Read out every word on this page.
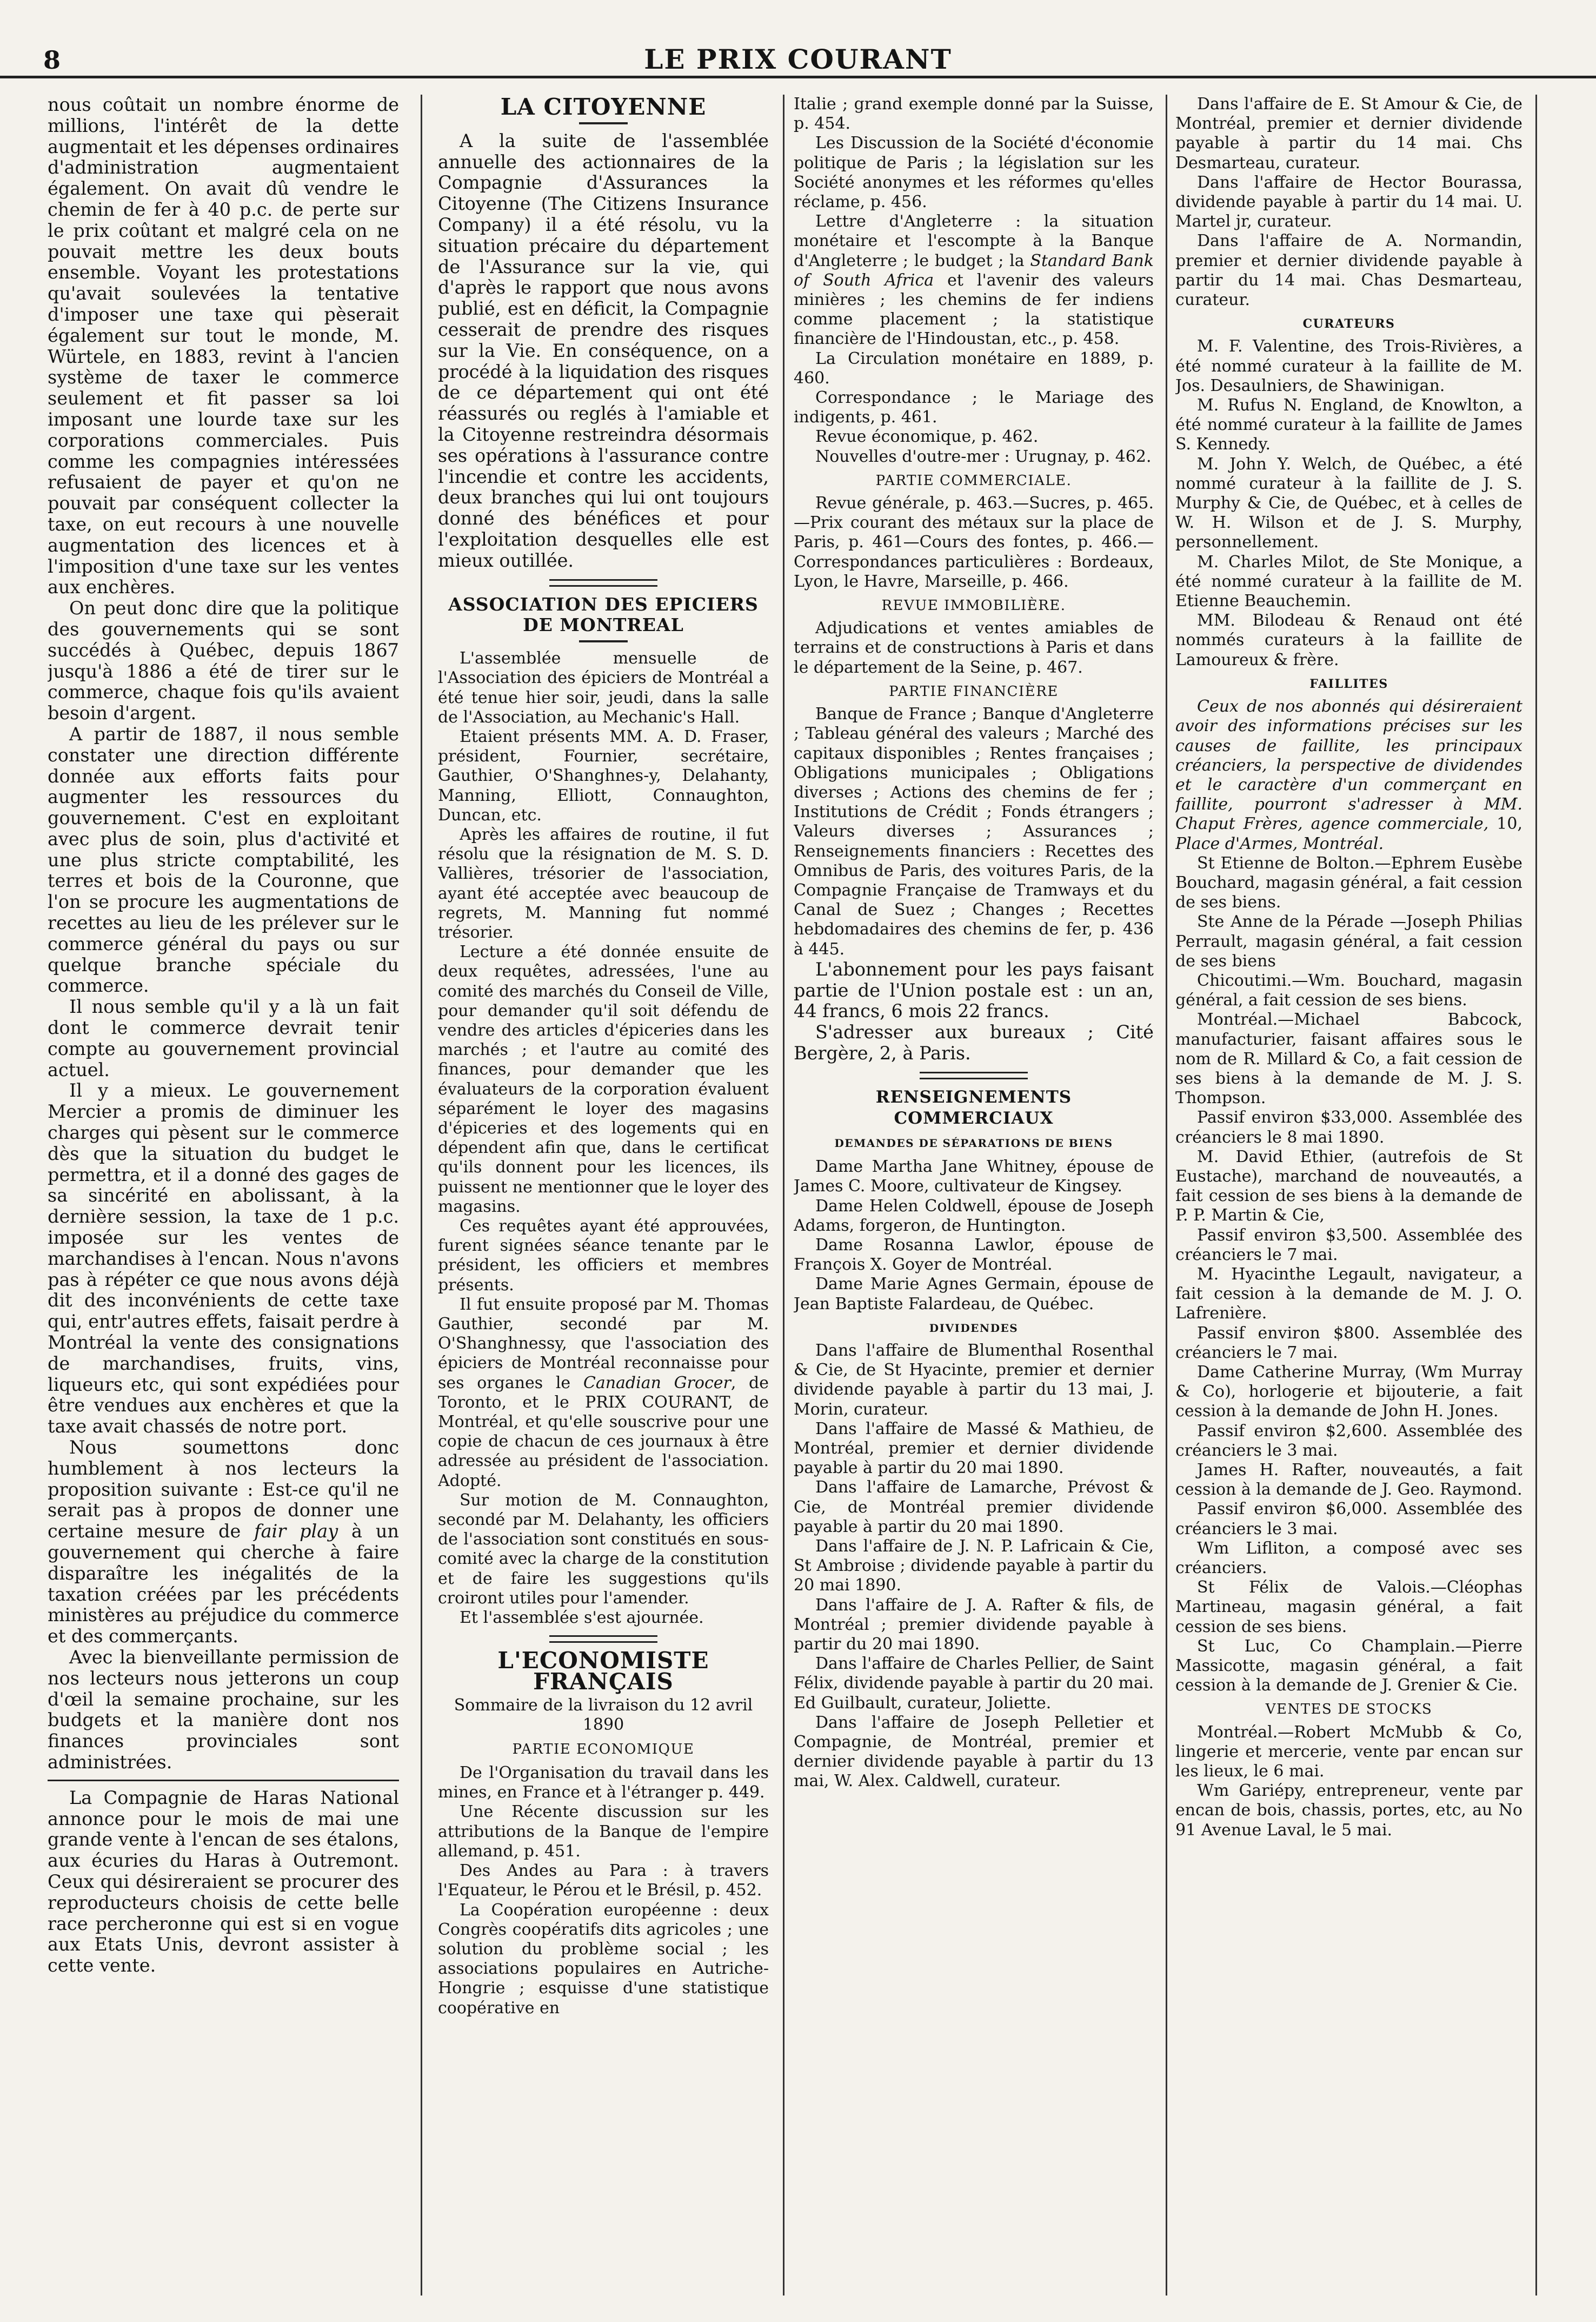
8	LE PRIX COURANT

nous coûtait un nombre énorme de millions, l'intérêt de la dette augmentait et les dépenses ordinaires d'administration augmentaient également. On avait dû vendre le chemin de fer à 40 p.c. de perte sur le prix coûtant et malgré cela on ne pouvait mettre les deux bouts ensemble. Voyant les protestations qu'avait soulevées la tentative d'imposer une taxe qui pèserait également sur tout le monde, M. Würtele, en 1883, revint à l'ancien système de taxer le commerce seulement et fit passer sa loi imposant une lourde taxe sur les corporations commerciales. Puis comme les compagnies intéressées refusaient de payer et qu'on ne pouvait par conséquent collecter la taxe, on eut recours à une nouvelle augmentation des licences et à l'imposition d'une taxe sur les ventes aux enchères.

On peut donc dire que la politique des gouvernements qui se sont succédés à Québec, depuis 1867 jusqu'à 1886 a été de tirer sur le commerce, chaque fois qu'ils avaient besoin d'argent.

A partir de 1887, il nous semble constater une direction différente donnée aux efforts faits pour augmenter les ressources du gouvernement. C'est en exploitant avec plus de soin, plus d'activité et une plus stricte comptabilité, les terres et bois de la Couronne, que l'on se procure les augmentations de recettes au lieu de les prélever sur le commerce général du pays ou sur quelque branche spéciale du commerce.

Il nous semble qu'il y a là un fait dont le commerce devrait tenir compte au gouvernement provincial actuel.

Il y a mieux. Le gouvernement Mercier a promis de diminuer les charges qui pèsent sur le commerce dès que la situation du budget le permettra, et il a donné des gages de sa sincérité en abolissant, à la dernière session, la taxe de 1 p.c. imposée sur les ventes de marchandises à l'encan. Nous n'avons pas à répéter ce que nous avons déjà dit des inconvénients de cette taxe qui, entr'autres effets, faisait perdre à Montréal la vente des consignations de marchandises, fruits, vins, liqueurs etc, qui sont expédiées pour être vendues aux enchères et que la taxe avait chassés de notre port.

Nous soumettons donc humblement à nos lecteurs la proposition suivante : Est-ce qu'il ne serait pas à propos de donner une certaine mesure de fair play à un gouvernement qui cherche à faire disparaître les inégalités de la taxation créées par les précédents ministères au préjudice du commerce et des commerçants.

Avec la bienveillante permission de nos lecteurs nous jetterons un coup d'œil la semaine prochaine, sur les budgets et la manière dont nos finances provinciales sont administrées.

La Compagnie de Haras National annonce pour le mois de mai une grande vente à l'encan de ses étalons, aux écuries du Haras à Outremont. Ceux qui désireraient se procurer des reproducteurs choisis de cette belle race percheronne qui est si en vogue aux Etats Unis, devront assister à cette vente.

LA CITOYENNE

A la suite de l'assemblée annuelle des actionnaires de la Compagnie d'Assurances la Citoyenne (The Citizens Insurance Company) il a été résolu, vu la situation précaire du département de l'Assurance sur la vie, qui d'après le rapport que nous avons publié, est en déficit, la Compagnie cesserait de prendre des risques sur la Vie. En conséquence, on a procédé à la liquidation des risques de ce département qui ont été réassurés ou reglés à l'amiable et la Citoyenne restreindra désormais ses opérations à l'assurance contre l'incendie et contre les accidents, deux branches qui lui ont toujours donné des bénéfices et pour l'exploitation desquelles elle est mieux outillée.

ASSOCIATION DES EPICIERS DE MONTREAL

L'assemblée mensuelle de l'Association des épiciers de Montréal a été tenue hier soir, jeudi, dans la salle de l'Association, au Mechanic's Hall.

Etaient présents MM. A. D. Fraser, président, Fournier, secrétaire, Gauthier, O'Shanghnes-y, Delahanty, Manning, Elliott, Connaughton, Duncan, etc.

Après les affaires de routine, il fut résolu que la résignation de M. S. D. Vallières, trésorier de l'association, ayant été acceptée avec beaucoup de regrets, M. Manning fut nommé trésorier.

Lecture a été donnée ensuite de deux requêtes, adressées, l'une au comité des marchés du Conseil de Ville, pour demander qu'il soit défendu de vendre des articles d'épiceries dans les marchés ; et l'autre au comité des finances, pour demander que les évaluateurs de la corporation évaluent séparément le loyer des magasins d'épiceries et des logements qui en dépendent afin que, dans le certificat qu'ils donnent pour les licences, ils puissent ne mentionner que le loyer des magasins.

Ces requêtes ayant été approuvées, furent signées séance tenante par le président, les officiers et membres présents.

Il fut ensuite proposé par M. Thomas Gauthier, secondé par M. O'Shanghnessy, que l'association des épiciers de Montréal reconnaisse pour ses organes le Canadian Grocer, de Toronto, et le PRIX COURANT, de Montréal, et qu'elle souscrive pour une copie de chacun de ces journaux à être adressée au président de l'association. Adopté.

Sur motion de M. Connaughton, secondé par M. Delahanty, les officiers de l'association sont constitués en sous-comité avec la charge de la constitution et de faire les suggestions qu'ils croiront utiles pour l'amender.

Et l'assemblée s'est ajournée.

L'ECONOMISTE FRANÇAIS

Sommaire de la livraison du 12 avril 1890

PARTIE ECONOMIQUE

De l'Organisation du travail dans les mines, en France et à l'étranger p. 449.

Une Récente discussion sur les attributions de la Banque de l'empire allemand, p. 451.

Des Andes au Para : à travers l'Equateur, le Pérou et le Brésil, p. 452.

La Coopération européenne : deux Congrès coopératifs dits agricoles ; une solution du problème social ; les associations populaires en Autriche-Hongrie ; esquisse d'une statistique coopérative en

Italie ; grand exemple donné par la Suisse, p. 454.

Les Discussion de la Société d'économie politique de Paris ; la législation sur les Société anonymes et les réformes qu'elles réclame, p. 456.

Lettre d'Angleterre : la situation monétaire et l'escompte à la Banque d'Angleterre ; le budget ; la Standard Bank of South Africa et l'avenir des valeurs minières ; les chemins de fer indiens comme placement ; la statistique financière de l'Hindoustan, etc., p. 458.

La Circulation monétaire en 1889, p. 460.

Correspondance ; le Mariage des indigents, p. 461.

Revue économique, p. 462.

Nouvelles d'outre-mer : Urugnay, p. 462.

PARTIE COMMERCIALE.

Revue générale, p. 463.—Sucres, p. 465.—Prix courant des métaux sur la place de Paris, p. 461—Cours des fontes, p. 466.—Correspondances particulières : Bordeaux, Lyon, le Havre, Marseille, p. 466.

REVUE IMMOBILIÈRE.

Adjudications et ventes amiables de terrains et de constructions à Paris et dans le département de la Seine, p. 467.

PARTIE FINANCIÈRE

Banque de France ; Banque d'Angleterre ; Tableau général des valeurs ; Marché des capitaux disponibles ; Rentes françaises ; Obligations municipales ; Obligations diverses ; Actions des chemins de fer ; Institutions de Crédit ; Fonds étrangers ; Valeurs diverses ; Assurances ; Renseignements financiers : Recettes des Omnibus de Paris, des voitures Paris, de la Compagnie Française de Tramways et du Canal de Suez ; Changes ; Recettes hebdomadaires des chemins de fer, p. 436 à 445.

L'abonnement pour les pays faisant partie de l'Union postale est : un an, 44 francs, 6 mois 22 francs.

S'adresser aux bureaux ; Cité Bergère, 2, à Paris.

RENSEIGNEMENTS COMMERCIAUX
DEMANDES DE SÉPARATIONS DE BIENS

Dame Martha Jane Whitney, épouse de James C. Moore, cultivateur de Kingsey.

Dame Helen Coldwell, épouse de Joseph Adams, forgeron, de Huntington.

Dame Rosanna Lawlor, épouse de François X. Goyer de Montréal.

Dame Marie Agnes Germain, épouse de Jean Baptiste Falardeau, de Québec.

DIVIDENDES

Dans l'affaire de Blumenthal Rosenthal & Cie, de St Hyacinte, premier et dernier dividende payable à partir du 13 mai, J. Morin, curateur.

Dans l'affaire de Massé & Mathieu, de Montréal, premier et dernier dividende payable à partir du 20 mai 1890.

Dans l'affaire de Lamarche, Prévost & Cie, de Montréal premier dividende payable à partir du 20 mai 1890.

Dans l'affaire de J. N. P. Lafricain & Cie, St Ambroise ; dividende payable à partir du 20 mai 1890.

Dans l'affaire de J. A. Rafter & fils, de Montréal ; premier dividende payable à partir du 20 mai 1890.

Dans l'affaire de Charles Pellier, de Saint Félix, dividende payable à partir du 20 mai. Ed Guilbault, curateur, Joliette.

Dans l'affaire de Joseph Pelletier et Compagnie, de Montréal, premier et dernier dividende payable à partir du 13 mai, W. Alex. Caldwell, curateur.

Dans l'affaire de E. St Amour & Cie, de Montréal, premier et dernier dividende payable à partir du 14 mai. Chs Desmarteau, curateur.

Dans l'affaire de Hector Bourassa, dividende payable à partir du 14 mai. U. Martel jr, curateur.

Dans l'affaire de A. Normandin, premier et dernier dividende payable à partir du 14 mai. Chas Desmarteau, curateur.

CURATEURS

M. F. Valentine, des Trois-Rivières, a été nommé curateur à la faillite de M. Jos. Desaulniers, de Shawinigan.

M. Rufus N. England, de Knowlton, a été nommé curateur à la faillite de James S. Kennedy.

M. John Y. Welch, de Québec, a été nommé curateur à la faillite de J. S. Murphy & Cie, de Québec, et à celles de W. H. Wilson et de J. S. Murphy, personnellement.

M. Charles Milot, de Ste Monique, a été nommé curateur à la faillite de M. Etienne Beauchemin.

MM. Bilodeau & Renaud ont été nommés curateurs à la faillite de Lamoureux & frère.

FAILLITES

Ceux de nos abonnés qui désireraient avoir des informations précises sur les causes de faillite, les principaux créanciers, la perspective de dividendes et le caractère d'un commerçant en faillite, pourront s'adresser à MM. Chaput Frères, agence commerciale, 10, Place d'Armes, Montréal.

St Etienne de Bolton.—Ephrem Eusèbe Bouchard, magasin général, a fait cession de ses biens.

Ste Anne de la Pérade —Joseph Philias Perrault, magasin général, a fait cession de ses biens

Chicoutimi.—Wm. Bouchard, magasin général, a fait cession de ses biens.

Montréal.—Michael Babcock, manufacturier, faisant affaires sous le nom de R. Millard & Co, a fait cession de ses biens à la demande de M. J. S. Thompson.

Passif environ $33,000. Assemblée des créanciers le 8 mai 1890.

M. David Ethier, (autrefois de St Eustache), marchand de nouveautés, a fait cession de ses biens à la demande de P. P. Martin & Cie,

Passif environ $3,500. Assemblée des créanciers le 7 mai.

M. Hyacinthe Legault, navigateur, a fait cession à la demande de M. J. O. Lafrenière.

Passif environ $800. Assemblée des créanciers le 7 mai.

Dame Catherine Murray, (Wm Murray & Co), horlogerie et bijouterie, a fait cession à la demande de John H. Jones.

Passif environ $2,600. Assemblée des créanciers le 3 mai.

James H. Rafter, nouveautés, a fait cession à la demande de J. Geo. Raymond.

Passif environ $6,000. Assemblée des créanciers le 3 mai.

Wm Lifliton, a composé avec ses créanciers.

St Félix de Valois.—Cléophas Martineau, magasin général, a fait cession de ses biens.

St Luc, Co Champlain.—Pierre Massicotte, magasin général, a fait cession à la demande de J. Grenier & Cie.

VENTES DE STOCKS

Montréal.—Robert McMubb & Co, lingerie et mercerie, vente par encan sur les lieux, le 6 mai.

Wm Gariépy, entrepreneur, vente par encan de bois, chassis, portes, etc, au No 91 Avenue Laval, le 5 mai.
